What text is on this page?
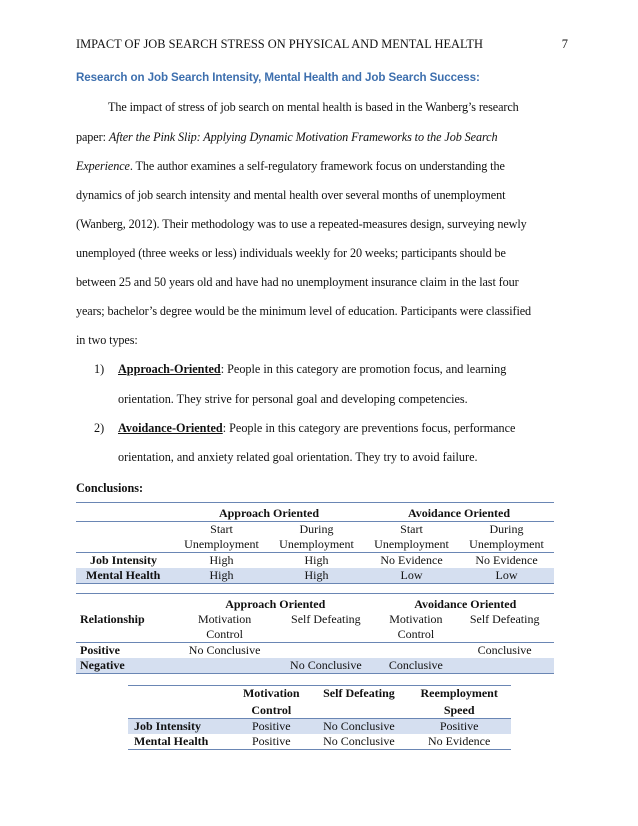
IMPACT OF JOB SEARCH STRESS ON PHYSICAL AND MENTAL HEALTH	7
Research on Job Search Intensity, Mental Health and Job Search Success:
The impact of stress of job search on mental health is based in the Wanberg’s research
paper: After the Pink Slip: Applying Dynamic Motivation Frameworks to the Job Search
Experience. The author examines a self-regulatory framework focus on understanding the
dynamics of job search intensity and mental health over several months of unemployment
(Wanberg, 2012). Their methodology was to use a repeated-measures design, surveying newly
unemployed (three weeks or less) individuals weekly for 20 weeks; participants should be
between 25 and 50 years old and have had no unemployment insurance claim in the last four
years; bachelor’s degree would be the minimum level of education. Participants were classified
in two types:
1) Approach-Oriented: People in this category are promotion focus, and learning
orientation. They strive for personal goal and developing competencies.
2) Avoidance-Oriented: People in this category are preventions focus, performance
orientation, and anxiety related goal orientation. They try to avoid failure.
Conclusions:
	Approach Oriented		Avoidance Oriented	
	Start	During	Start	During
	Unemployment	Unemployment	Unemployment	Unemployment
Job Intensity	High	High	No Evidence	No Evidence
Mental Health	High	High	Low	Low
	Approach Oriented		Avoidance Oriented	
Relationship	Motivation	Self Defeating	Motivation	Self Defeating
	Control		Control	
Positive	No Conclusive			Conclusive
Negative		No Conclusive	Conclusive	
	Motivation	Self Defeating	Reemployment
	Control		Speed
Job Intensity	Positive	No Conclusive	Positive
Mental Health	Positive	No Conclusive	No Evidence
